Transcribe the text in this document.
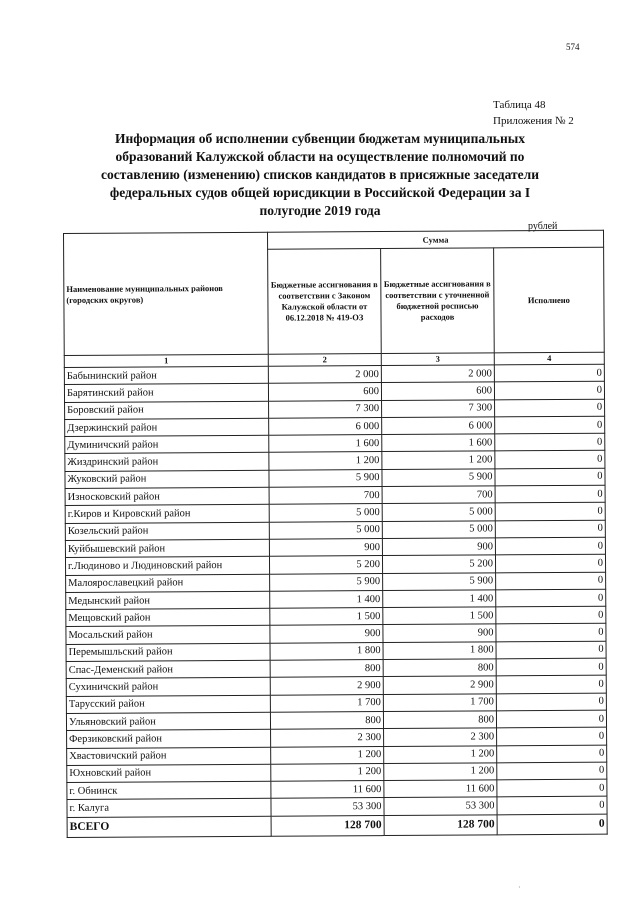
574
Таблица 48
Приложения № 2
Информация об исполнении субвенции бюджетам муниципальных образований Калужской области на осуществление полномочий по составлению (изменению) списков кандидатов в присяжные заседатели федеральных судов общей юрисдикции в Российской Федерации за I полугодие 2019 года
рублей
Наименование муниципальных районов (городских округов)	Сумма		
	Бюджетные ассигнования в соответствии с Законом Калужской области от 06.12.2018 № 419-ОЗ	Бюджетные ассигнования в соответствии с уточненной бюджетной росписью расходов	Исполнено
1	2	3	4
Бабынинский район	2 000	2 000	0
Барятинский район	600	600	0
Боровский район	7 300	7 300	0
Дзержинский район	6 000	6 000	0
Думиничский район	1 600	1 600	0
Жиздринский район	1 200	1 200	0
Жуковский район	5 900	5 900	0
Износковский район	700	700	0
г.Киров и Кировский район	5 000	5 000	0
Козельский район	5 000	5 000	0
Куйбышевский район	900	900	0
г.Людиново и Людиновский район	5 200	5 200	0
Малоярославецкий район	5 900	5 900	0
Медынский район	1 400	1 400	0
Мещовский район	1 500	1 500	0
Мосальский район	900	900	0
Перемышльский район	1 800	1 800	0
Спас-Деменский район	800	800	0
Сухиничский район	2 900	2 900	0
Тарусский район	1 700	1 700	0
Ульяновский район	800	800	0
Ферзиковский район	2 300	2 300	0
Хвастовичский район	1 200	1 200	0
Юхновский район	1 200	1 200	0
г. Обнинск	11 600	11 600	0
г. Калуга	53 300	53 300	0
ВСЕГО	128 700	128 700	0
·
